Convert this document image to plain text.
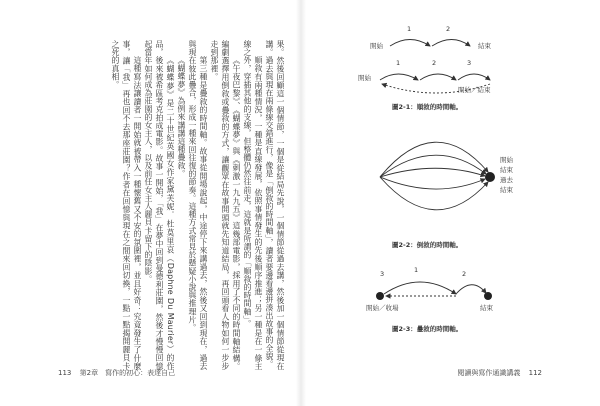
果。然後回顧這一個情節，一個是從結局先說，一個情節從過去講，然後加一個情節從現在講。過去與現在兩條線交錯進行，像是「倒敘的時間軸」，讀者要邊看邊拼湊出故事的全貌。

順敘有兩種情況，一種是直線發展，依照事情發生的先後順序推進；另一種是在一條主線之外，穿插其他的支線，但整體仍然往前走，這就是所謂的「順敘的時間軸」。

《午夜巴黎》、《蝴蝶夢》與《刺激一九九五》這幾部電影，採用了不同的時間軸結構。編劇選擇用倒敘或疊敘的方式，讓觀眾在故事開頭就先知道結局，再回頭看人物如何一步步走到那裡。

第三種是疊敘的時間軸。故事從開場說起，中途停下來講過去，然後又回到現在，過去與現在彼此疊合，形成一種來回往復的節奏。這種方式常見於懸疑小說與推理片。

《蝴蝶夢》為例來講講這種疊敘。

《蝴蝶夢》是二十世紀英國女作家黛芙妮．杜莫里哀（Daphne Du Maurier）的作品，後來被希區考克拍成電影。故事一開始，「我」在夢中回到曼德利莊園，然後才慢慢回憶起當年如何成為莊園的女主人，以及前任女主人麗貝卡留下的陰影。

這種寫法讓讀者一開始就被帶入一種懷舊又不安的氛圍裡，並且好奇：究竟發生了什麼事，讓「我」再也回不去那座莊園？作者在回憶與現在之間來回切換，一點一點揭開麗貝卡之死的真相。

113 第2章　寫作的初心：表達自己
開始	結束
1	2
開始
開始／結束
1	2	3
開始
結束
過去
結束
1	2
3
開始／收場	結束
圖2-1：順敘的時間軸。
圖2-2：倒敘的時間軸。
圖2-3：疊敘的時間軸。
閱讀與寫作通識講義 112
